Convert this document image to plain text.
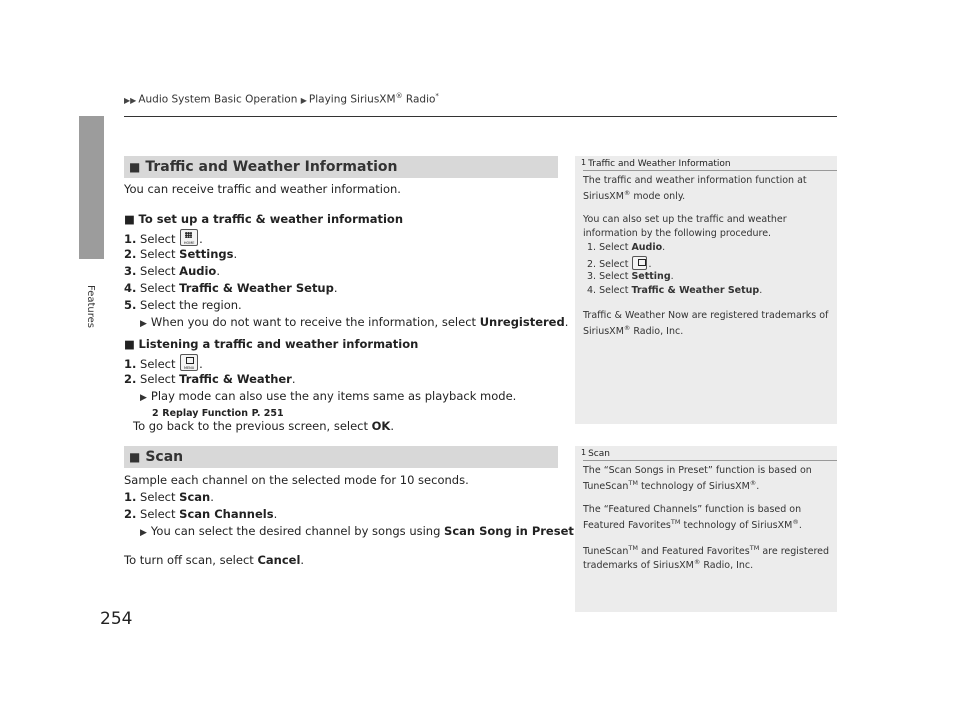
▶▶ Audio System Basic Operation ▶ Playing SiriusXM® Radio*
Features
■ Traffic and Weather Information
You can receive traffic and weather information.
■ To set up a traffic & weather information
1. Select	HOME .
2. Select Settings.
3. Select Audio.
4. Select Traffic & Weather Setup.
5. Select the region.
▶ When you do not want to receive the information, select Unregistered.
■ Listening a traffic and weather information
1. Select	MENU .
2. Select Traffic & Weather.
▶ Play mode can also use the any items same as playback mode.
2 Replay Function P. 251
To go back to the previous screen, select OK.
■ Scan
Sample each channel on the selected mode for 10 seconds.
1. Select Scan.
2. Select Scan Channels.
▶ You can select the desired channel by songs using Scan Song in Preset
To turn off scan, select Cancel.
1 Traffic and Weather Information
The traffic and weather information function at
SiriusXM® mode only.
You can also set up the traffic and weather
information by the following procedure.
1. Select Audio.
2. Select .
3. Select Setting.
4. Select Traffic & Weather Setup.
Traffic & Weather Now are registered trademarks of
SiriusXM® Radio, Inc.
1 Scan
The “Scan Songs in Preset” function is based on
TuneScan™ technology of SiriusXM®.
The “Featured Channels” function is based on
Featured Favorites™ technology of SiriusXM®.
TuneScan™ and Featured Favorites™ are registered
trademarks of SiriusXM® Radio, Inc.
254
